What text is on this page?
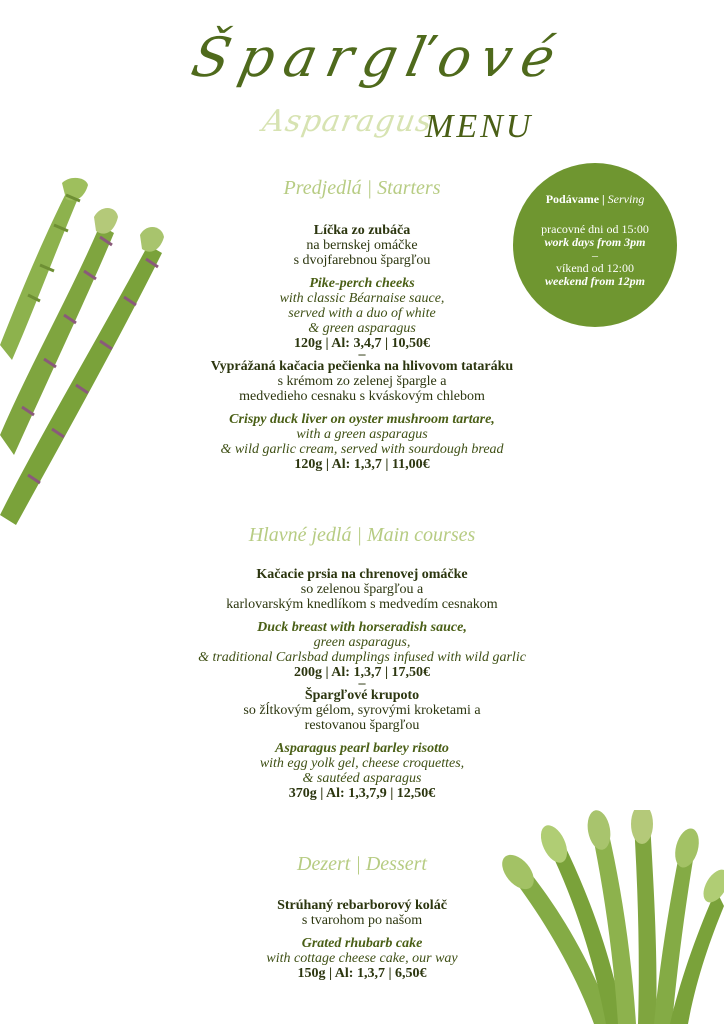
Špargľové
Asparagus
MENU
Podávame | Serving
pracovné dni od 15:00
work days from 3pm
–
víkend od 12:00
weekend from 12pm
Predjedlá | Starters
Líčka zo zubáča
na bernskej omáčke
s dvojfarebnou špargľou
Pike-perch cheeks
with classic Béarnaise sauce,
served with a duo of white
& green asparagus
120g | Al: 3,4,7 | 10,50€
–
Vyprážaná kačacia pečienka na hlivovom tataráku
s krémom zo zelenej špargle a
medvedieho cesnaku s kváskovým chlebom
Crispy duck liver on oyster mushroom tartare,
with a green asparagus
& wild garlic cream, served with sourdough bread
120g | Al: 1,3,7 | 11,00€
Hlavné jedlá | Main courses
Kačacie prsia na chrenovej omáčke
so zelenou špargľou a
karlovarským knedlíkom s medvedím cesnakom
Duck breast with horseradish sauce,
green asparagus,
& traditional Carlsbad dumplings infused with wild garlic
200g | Al: 1,3,7 | 17,50€
–
Špargľové krupoto
so žĺtkovým gélom, syrovými kroketami a
restovanou špargľou
Asparagus pearl barley risotto
with egg yolk gel, cheese croquettes,
& sautéed asparagus
370g | Al: 1,3,7,9 | 12,50€
Dezert | Dessert
Strúhaný rebarborový koláč
s tvarohom po našom
Grated rhubarb cake
with cottage cheese cake, our way
150g | Al: 1,3,7 | 6,50€
